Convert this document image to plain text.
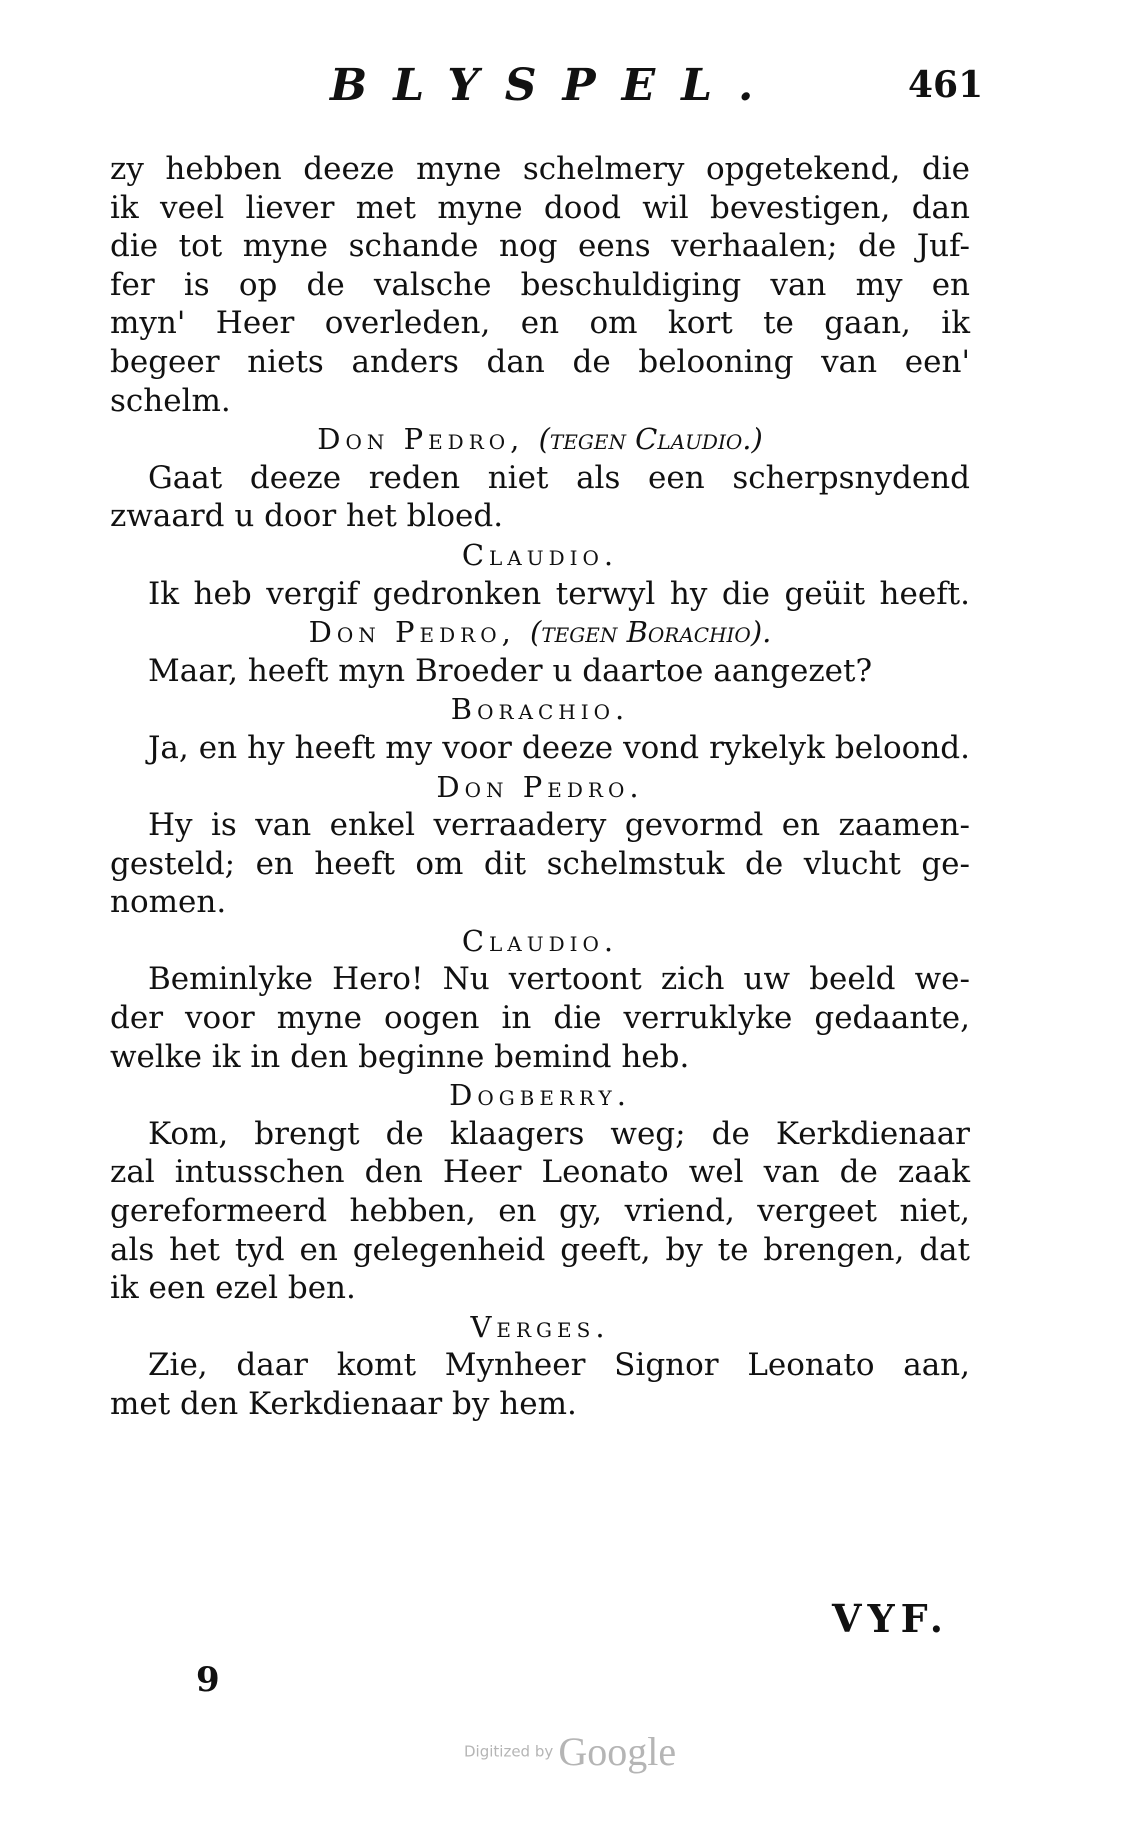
BLYSPEL.	461
zy hebben deeze myne schelmery opgetekend, die
ik veel liever met myne dood wil bevestigen, dan
die tot myne schande nog eens verhaalen; de Juf-
fer is op de valsche beschuldiging van my en
myn' Heer overleden, en om kort te gaan, ik
begeer niets anders dan de belooning van een'
schelm.
Don Pedro, (tegen Claudio.)
Gaat deeze reden niet als een scherpsnydend
zwaard u door het bloed.
Claudio.
Ik heb vergif gedronken terwyl hy die geüit heeft.
Don Pedro, (tegen Borachio).
Maar, heeft myn Broeder u daartoe aangezet?
Borachio.
Ja, en hy heeft my voor deeze vond rykelyk beloond.
Don Pedro.
Hy is van enkel verraadery gevormd en zaamen-
gesteld; en heeft om dit schelmstuk de vlucht ge-
nomen.
Claudio.
Beminlyke Hero! Nu vertoont zich uw beeld we-
der voor myne oogen in die verruklyke gedaante,
welke ik in den beginne bemind heb.
Dogberry.
Kom, brengt de klaagers weg; de Kerkdienaar
zal intusschen den Heer Leonato wel van de zaak
gereformeerd hebben, en gy, vriend, vergeet niet,
als het tyd en gelegenheid geeft, by te brengen, dat
ik een ezel ben.
Verges.
Zie, daar komt Mynheer Signor Leonato aan,
met den Kerkdienaar by hem.
VYF.
9
Digitized by Google
